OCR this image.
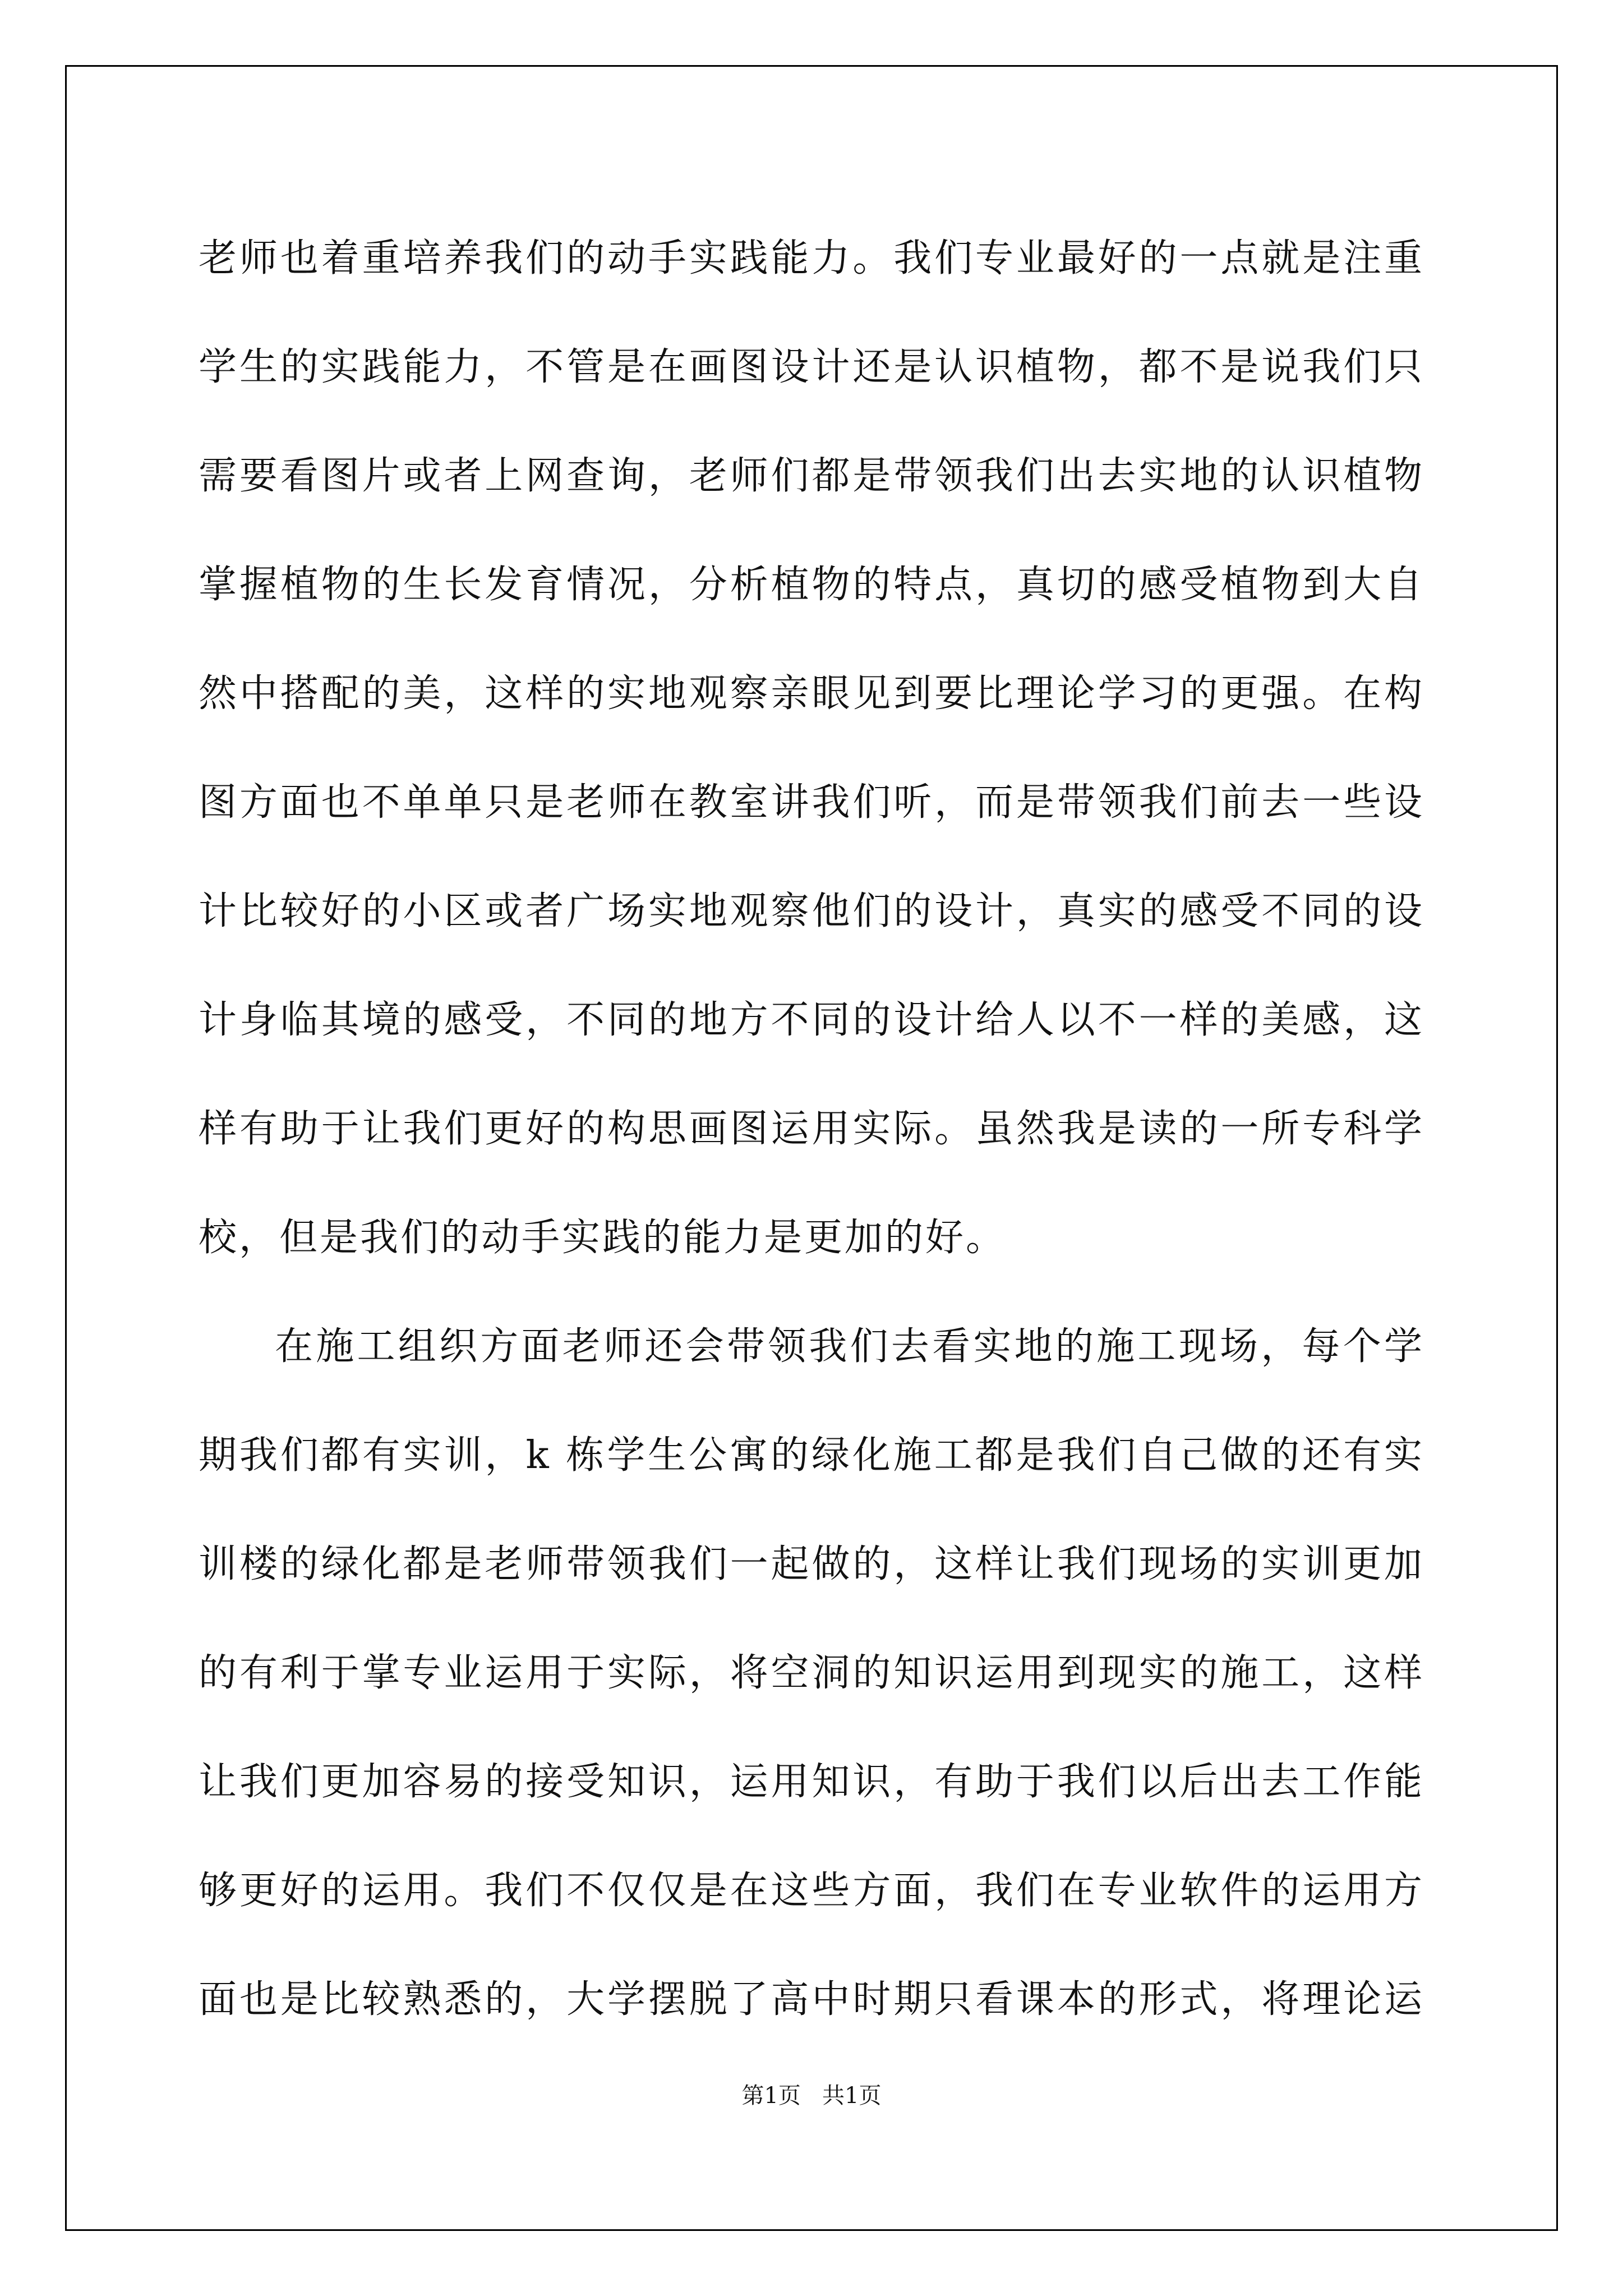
老师也着重培养我们的动手实践能力。我们专业最好的一点就是注重
学生的实践能力，不管是在画图设计还是认识植物，都不是说我们只
需要看图片或者上网查询，老师们都是带领我们出去实地的认识植物
掌握植物的生长发育情况，分析植物的特点，真切的感受植物到大自
然中搭配的美，这样的实地观察亲眼见到要比理论学习的更强。在构
图方面也不单单只是老师在教室讲我们听，而是带领我们前去一些设
计比较好的小区或者广场实地观察他们的设计，真实的感受不同的设
计身临其境的感受，不同的地方不同的设计给人以不一样的美感，这
样有助于让我们更好的构思画图运用实际。虽然我是读的一所专科学
校，但是我们的动手实践的能力是更加的好。
在施工组织方面老师还会带领我们去看实地的施工现场，每个学
期我们都有实训，k 栋学生公寓的绿化施工都是我们自己做的还有实
训楼的绿化都是老师带领我们一起做的，这样让我们现场的实训更加
的有利于掌专业运用于实际，将空洞的知识运用到现实的施工，这样
让我们更加容易的接受知识，运用知识，有助于我们以后出去工作能
够更好的运用。我们不仅仅是在这些方面，我们在专业软件的运用方
面也是比较熟悉的，大学摆脱了高中时期只看课本的形式，将理论运
第1页   共1页
